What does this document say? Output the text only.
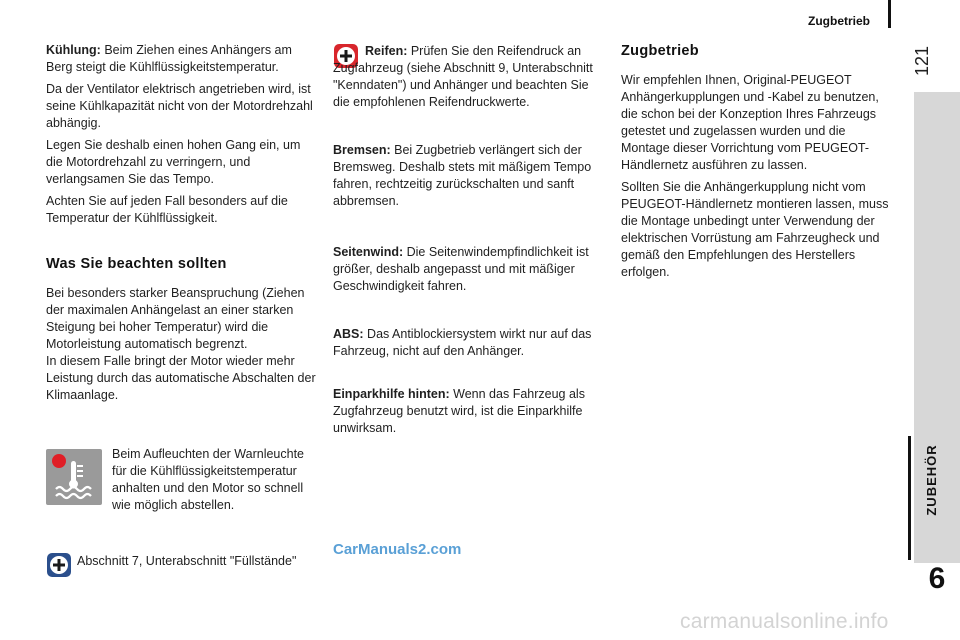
Zugbetrieb
121
ZUBEHÖR
6

Kühlung: Beim Ziehen eines Anhängers am Berg steigt die Kühlflüssigkeitstemperatur.

Da der Ventilator elektrisch angetrieben wird, ist seine Kühlkapazität nicht von der Motordrehzahl abhängig.

Legen Sie deshalb einen hohen Gang ein, um die Motordrehzahl zu verringern, und verlangsamen Sie das Tempo.

Achten Sie auf jeden Fall besonders auf die Temperatur der Kühlflüssigkeit.

Was Sie beachten sollten

Bei besonders starker Beanspruchung (Ziehen der maximalen Anhängelast an einer starken Steigung bei hoher Temperatur) wird die Motorleistung automatisch begrenzt.

In diesem Falle bringt der Motor wieder mehr Leistung durch das automatische Abschalten der Klimaanlage.

Beim Aufleuchten der Warnleuchte für die Kühlflüssigkeitstemperatur anhalten und den Motor so schnell wie möglich abstellen.
Abschnitt 7, Unterabschnitt "Füllstände"
Reifen: Prüfen Sie den Reifendruck an Zugfahrzeug (siehe Abschnitt 9, Unterabschnitt "Kenndaten") und Anhänger und beachten Sie die empfohlenen Reifendruckwerte.
Bremsen: Bei Zugbetrieb verlängert sich der Bremsweg. Deshalb stets mit mäßigem Tempo fahren, rechtzeitig zurückschalten und sanft abbremsen.
Seitenwind: Die Seitenwindempfindlichkeit ist größer, deshalb angepasst und mit mäßiger Geschwindigkeit fahren.
ABS: Das Antiblockiersystem wirkt nur auf das Fahrzeug, nicht auf den Anhänger.
Einparkhilfe hinten: Wenn das Fahrzeug als Zugfahrzeug benutzt wird, ist die Einparkhilfe unwirksam.
Zugbetrieb

Wir empfehlen Ihnen, Original-PEUGEOT Anhängerkupplungen und -Kabel zu benutzen, die schon bei der Konzeption Ihres Fahrzeugs getestet und zugelassen wurden und die Montage dieser Vorrichtung vom PEUGEOT-Händlernetz ausführen zu lassen.

Sollten Sie die Anhängerkupplung nicht vom PEUGEOT-Händlernetz montieren lassen, muss die Montage unbedingt unter Verwendung der elektrischen Vorrüstung am Fahrzeugheck und gemäß den Empfehlungen des Herstellers erfolgen.

CarManuals2.com
carmanualsonline.info
